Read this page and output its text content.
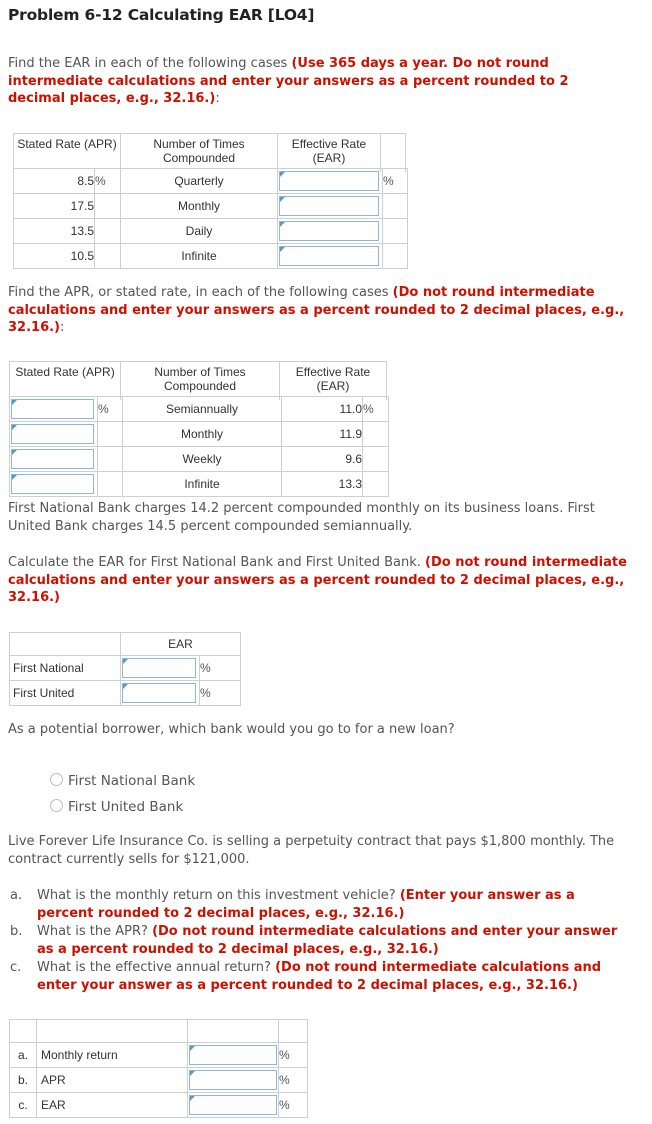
Problem 6-12 Calculating EAR [LO4]
Find the EAR in each of the following cases (Use 365 days a year. Do not round intermediate calculations and enter your answers as a percent rounded to 2 decimal places, e.g., 32.16.):
Stated Rate (APR)	Number of Times Compounded	Effective Rate (EAR)	
8.5	%	Quarterly		%
17.5		Monthly	

13.5		Daily	

10.5		Infinite	

Find the APR, or stated rate, in each of the following cases (Do not round intermediate calculations and enter your answers as a percent rounded to 2 decimal places, e.g., 32.16.):
Stated Rate (APR)	Number of Times Compounded	Effective Rate (EAR)
	%	Semiannually	11.0	%

		Monthly	11.9	

		Weekly	9.6	

		Infinite	13.3	
First National Bank charges 14.2 percent compounded monthly on its business loans. First United Bank charges 14.5 percent compounded semiannually.
Calculate the EAR for First National Bank and First United Bank. (Do not round intermediate calculations and enter your answers as a percent rounded to 2 decimal places, e.g., 32.16.)
	EAR	
First National		%
First United		%
As a potential borrower, which bank would you go to for a new loan?
First National Bank
First United Bank
Live Forever Life Insurance Co. is selling a perpetuity contract that pays $1,800 monthly. The contract currently sells for $121,000.
a. What is the monthly return on this investment vehicle? (Enter your answer as a percent rounded to 2 decimal places, e.g., 32.16.)
b. What is the APR? (Do not round intermediate calculations and enter your answer as a percent rounded to 2 decimal places, e.g., 32.16.)
c. What is the effective annual return? (Do not round intermediate calculations and enter your answer as a percent rounded to 2 decimal places, e.g., 32.16.)

a.	Monthly return		%
b.	APR		%
c.	EAR		%
